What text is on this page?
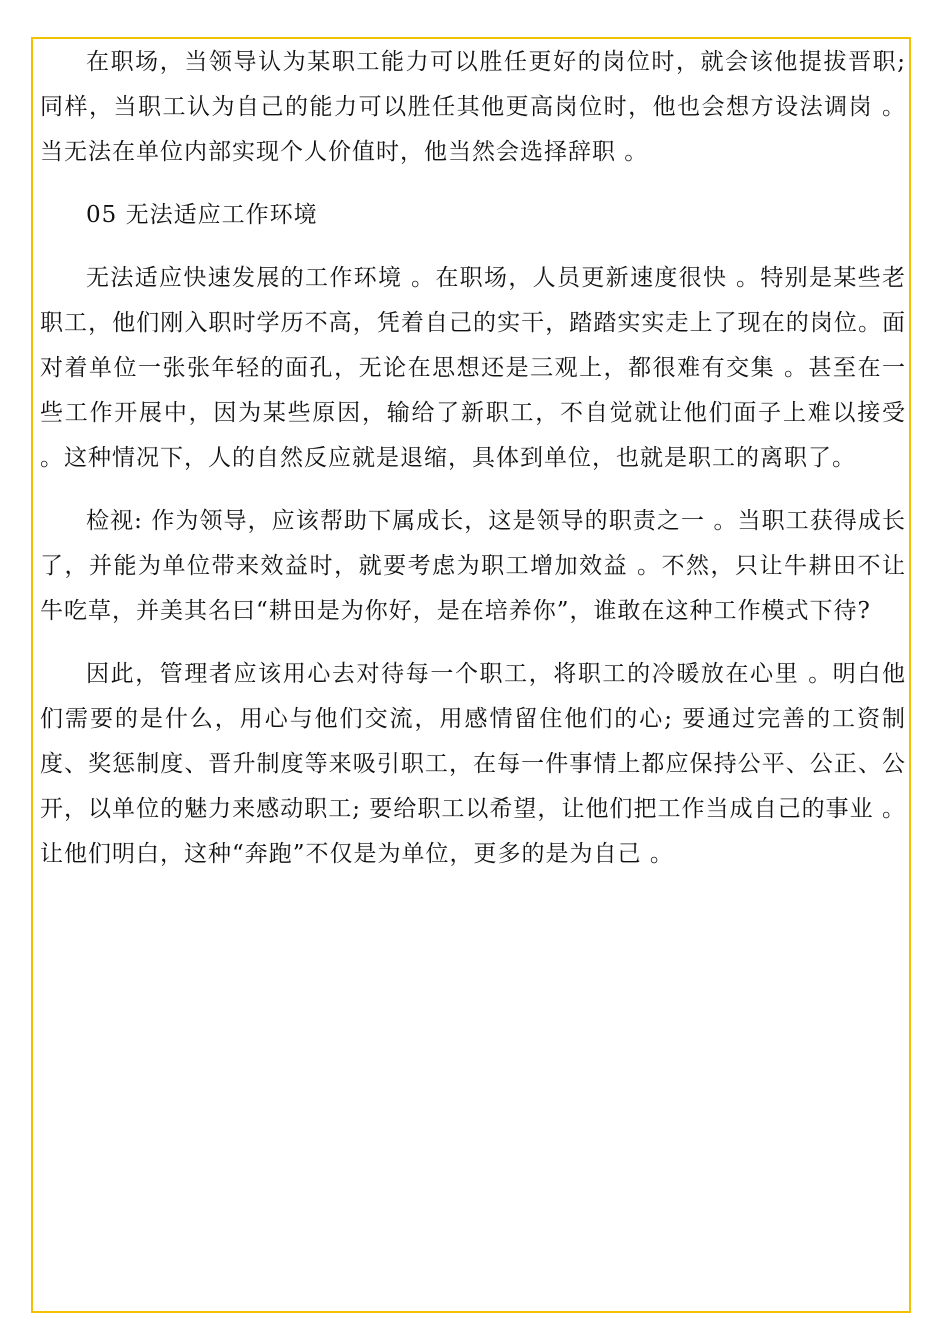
在职场，当领导认为某职工能力可以胜任更好的岗位时，就会该他提拔晋职; 同样，当职工认为自己的能力可以胜任其他更高岗位时，他也会想方设法调岗 。当无法在单位内部实现个人价值时，他当然会选择辞职 。

05 无法适应工作环境

无法适应快速发展的工作环境 。在职场，人员更新速度很快 。特别是某些老职工，他们刚入职时学历不高，凭着自己的实干，踏踏实实走上了现在的岗位。面对着单位一张张年轻的面孔，无论在思想还是三观上，都很难有交集 。甚至在一些工作开展中，因为某些原因，输给了新职工，不自觉就让他们面子上难以接受 。这种情况下，人的自然反应就是退缩，具体到单位，也就是职工的离职了。

检视: 作为领导，应该帮助下属成长，这是领导的职责之一 。当职工获得成长了，并能为单位带来效益时，就要考虑为职工增加效益 。不然，只让牛耕田不让牛吃草，并美其名曰“耕田是为你好，是在培养你”，谁敢在这种工作模式下待?

因此，管理者应该用心去对待每一个职工，将职工的冷暖放在心里 。明白他们需要的是什么，用心与他们交流，用感情留住他们的心; 要通过完善的工资制度、奖惩制度、晋升制度等来吸引职工，在每一件事情上都应保持公平、公正、公开，以单位的魅力来感动职工; 要给职工以希望，让他们把工作当成自己的事业 。让他们明白，这种“奔跑”不仅是为单位，更多的是为自己 。
